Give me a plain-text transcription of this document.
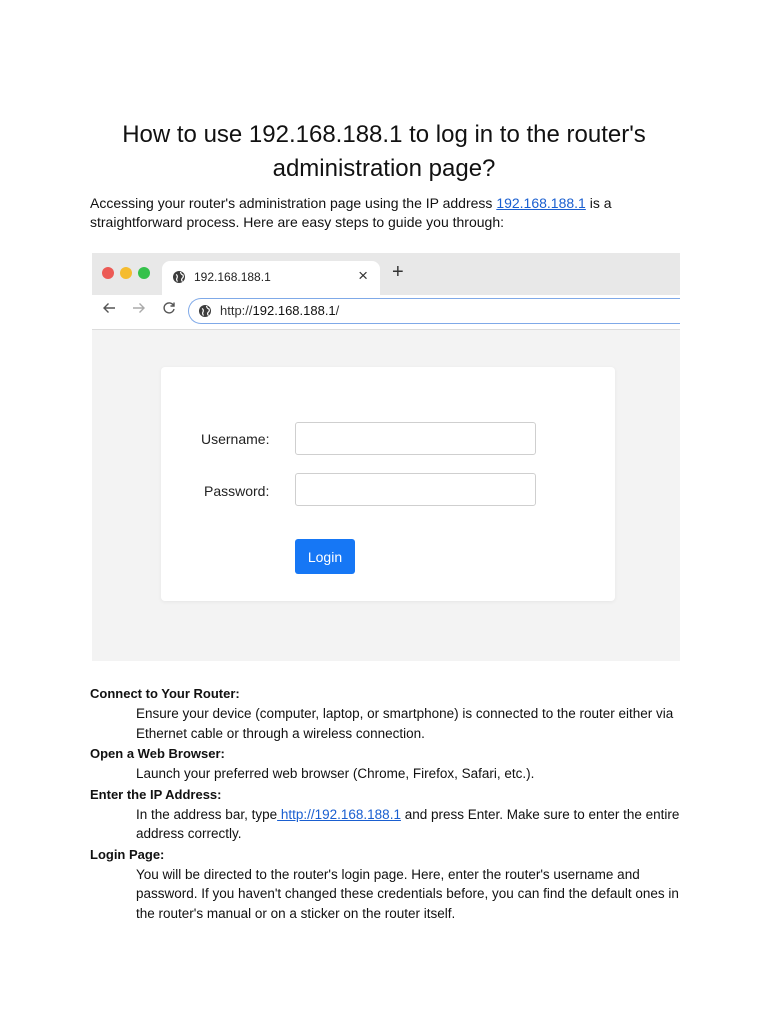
How to use 192.168.188.1 to log in to the router's administration page?

Accessing your router's administration page using the IP address 192.168.188.1 is a straightforward process. Here are easy steps to guide you through:

192.168.188.1	× +
http://192.168.188.1/
Username:
Password:
Login

Connect to Your Router:

Ensure your device (computer, laptop, or smartphone) is connected to the router either via Ethernet cable or through a wireless connection.

Open a Web Browser:

Launch your preferred web browser (Chrome, Firefox, Safari, etc.).

Enter the IP Address:

In the address bar, type http://192.168.188.1 and press Enter. Make sure to enter the entire address correctly.

Login Page:

You will be directed to the router's login page. Here, enter the router's username and password. If you haven't changed these credentials before, you can find the default ones in the router's manual or on a sticker on the router itself.
